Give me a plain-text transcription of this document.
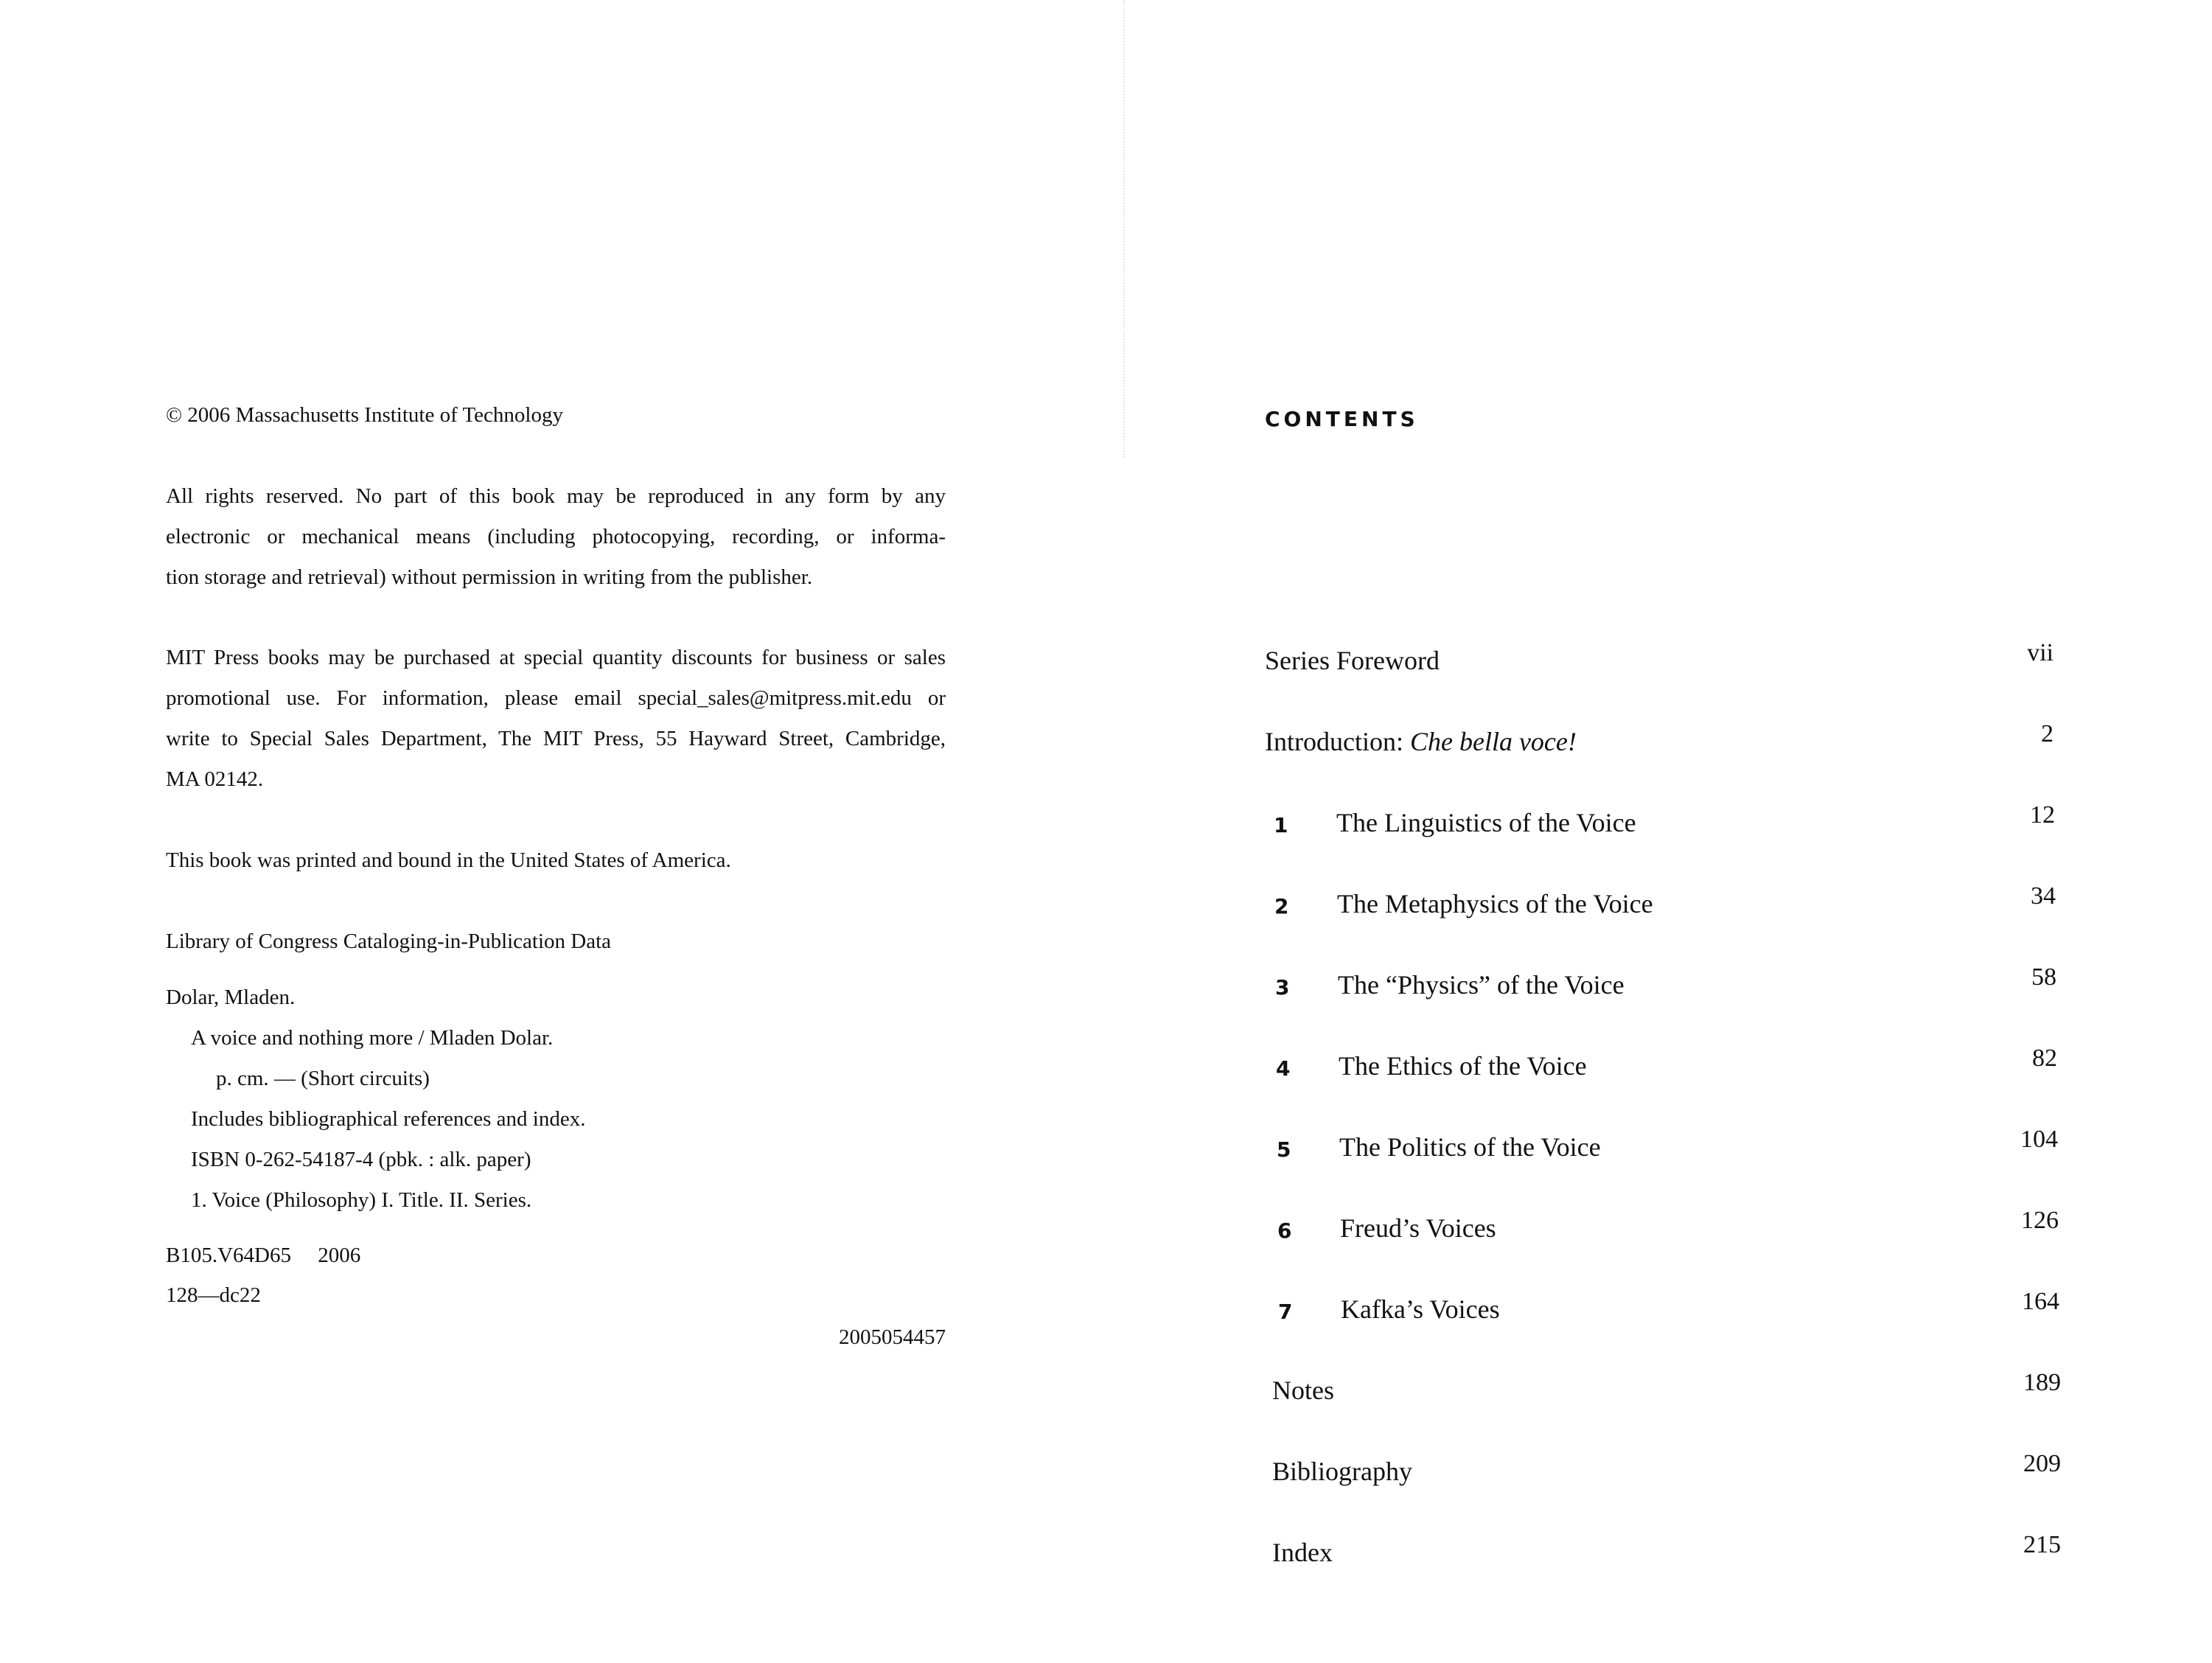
© 2006 Massachusetts Institute of Technology
All rights reserved. No part of this book may be reproduced in any form by any
electronic or mechanical means (including photocopying, recording, or informa-
tion storage and retrieval) without permission in writing from the publisher.
MIT Press books may be purchased at special quantity discounts for business or sales
promotional use. For information, please email special_sales@mitpress.mit.edu or
write to Special Sales Department, The MIT Press, 55 Hayward Street, Cambridge,
MA 02142.
This book was printed and bound in the United States of America.
Library of Congress Cataloging-in-Publication Data
Dolar, Mladen.
A voice and nothing more / Mladen Dolar.
p. cm. — (Short circuits)
Includes bibliographical references and index.
ISBN 0-262-54187-4 (pbk. : alk. paper)
1. Voice (Philosophy) I. Title. II. Series.
B105.V64D65     2006
128—dc22
2005054457
CONTENTS
Series Foreword	vii
Introduction: Che bella voce!	2
1 The Linguistics of the Voice	12
2 The Metaphysics of the Voice	34
3 The “Physics” of the Voice	58
4 The Ethics of the Voice	82
5 The Politics of the Voice	104
6 Freud’s Voices	126
7 Kafka’s Voices	164
Notes	189
Bibliography	209
Index	215
